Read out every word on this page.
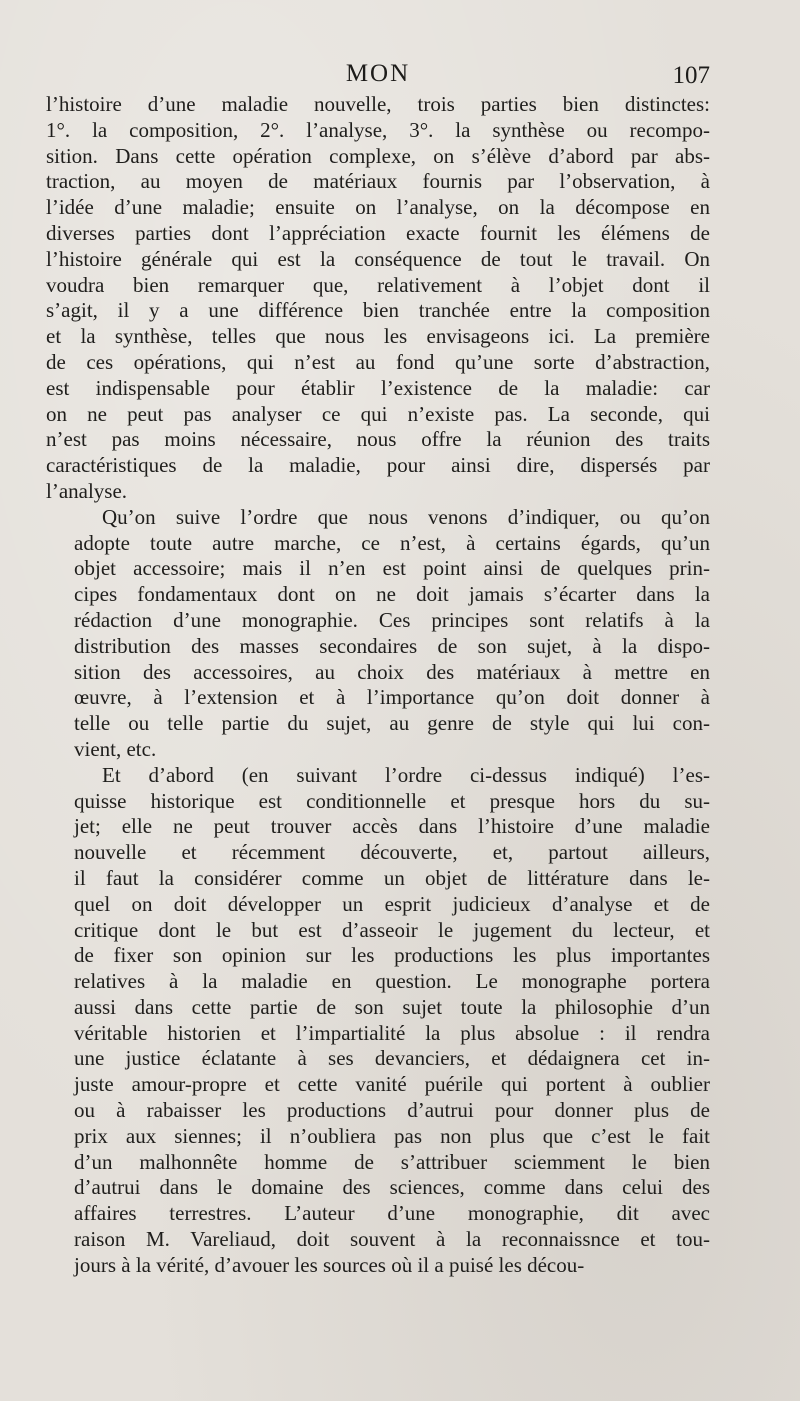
MON	107
l’histoire d’une maladie nouvelle, trois parties bien distinctes:
1°. la composition, 2°. l’analyse, 3°. la synthèse ou recompo-
sition. Dans cette opération complexe, on s’élève d’abord par abs-
traction, au moyen de matériaux fournis par l’observation, à
l’idée d’une maladie; ensuite on l’analyse, on la décompose en
diverses parties dont l’appréciation exacte fournit les élémens de
l’histoire générale qui est la conséquence de tout le travail. On
voudra bien remarquer que, relativement à l’objet dont il
s’agit, il y a une différence bien tranchée entre la composition
et la synthèse, telles que nous les envisageons ici. La première
de ces opérations, qui n’est au fond qu’une sorte d’abstraction,
est indispensable pour établir l’existence de la maladie: car
on ne peut pas analyser ce qui n’existe pas. La seconde, qui
n’est pas moins nécessaire, nous offre la réunion des traits
caractéristiques de la maladie, pour ainsi dire, dispersés par
l’analyse.
Qu’on suive l’ordre que nous venons d’indiquer, ou qu’on
adopte toute autre marche, ce n’est, à certains égards, qu’un
objet accessoire; mais il n’en est point ainsi de quelques prin-
cipes fondamentaux dont on ne doit jamais s’écarter dans la
rédaction d’une monographie. Ces principes sont relatifs à la
distribution des masses secondaires de son sujet, à la dispo-
sition des accessoires, au choix des matériaux à mettre en
œuvre, à l’extension et à l’importance qu’on doit donner à
telle ou telle partie du sujet, au genre de style qui lui con-
vient, etc.
Et d’abord (en suivant l’ordre ci-dessus indiqué) l’es-
quisse historique est conditionnelle et presque hors du su-
jet; elle ne peut trouver accès dans l’histoire d’une maladie
nouvelle et récemment découverte, et, partout ailleurs,
il faut la considérer comme un objet de littérature dans le-
quel on doit développer un esprit judicieux d’analyse et de
critique dont le but est d’asseoir le jugement du lecteur, et
de fixer son opinion sur les productions les plus importantes
relatives à la maladie en question. Le monographe portera
aussi dans cette partie de son sujet toute la philosophie d’un
véritable historien et l’impartialité la plus absolue : il rendra
une justice éclatante à ses devanciers, et dédaignera cet in-
juste amour-propre et cette vanité puérile qui portent à oublier
ou à rabaisser les productions d’autrui pour donner plus de
prix aux siennes; il n’oubliera pas non plus que c’est le fait
d’un malhonnête homme de s’attribuer sciemment le bien
d’autrui dans le domaine des sciences, comme dans celui des
affaires terrestres. L’auteur d’une monographie, dit avec
raison M. Vareliaud, doit souvent à la reconnaissnce et tou-
jours à la vérité, d’avouer les sources où il a puisé les décou-
